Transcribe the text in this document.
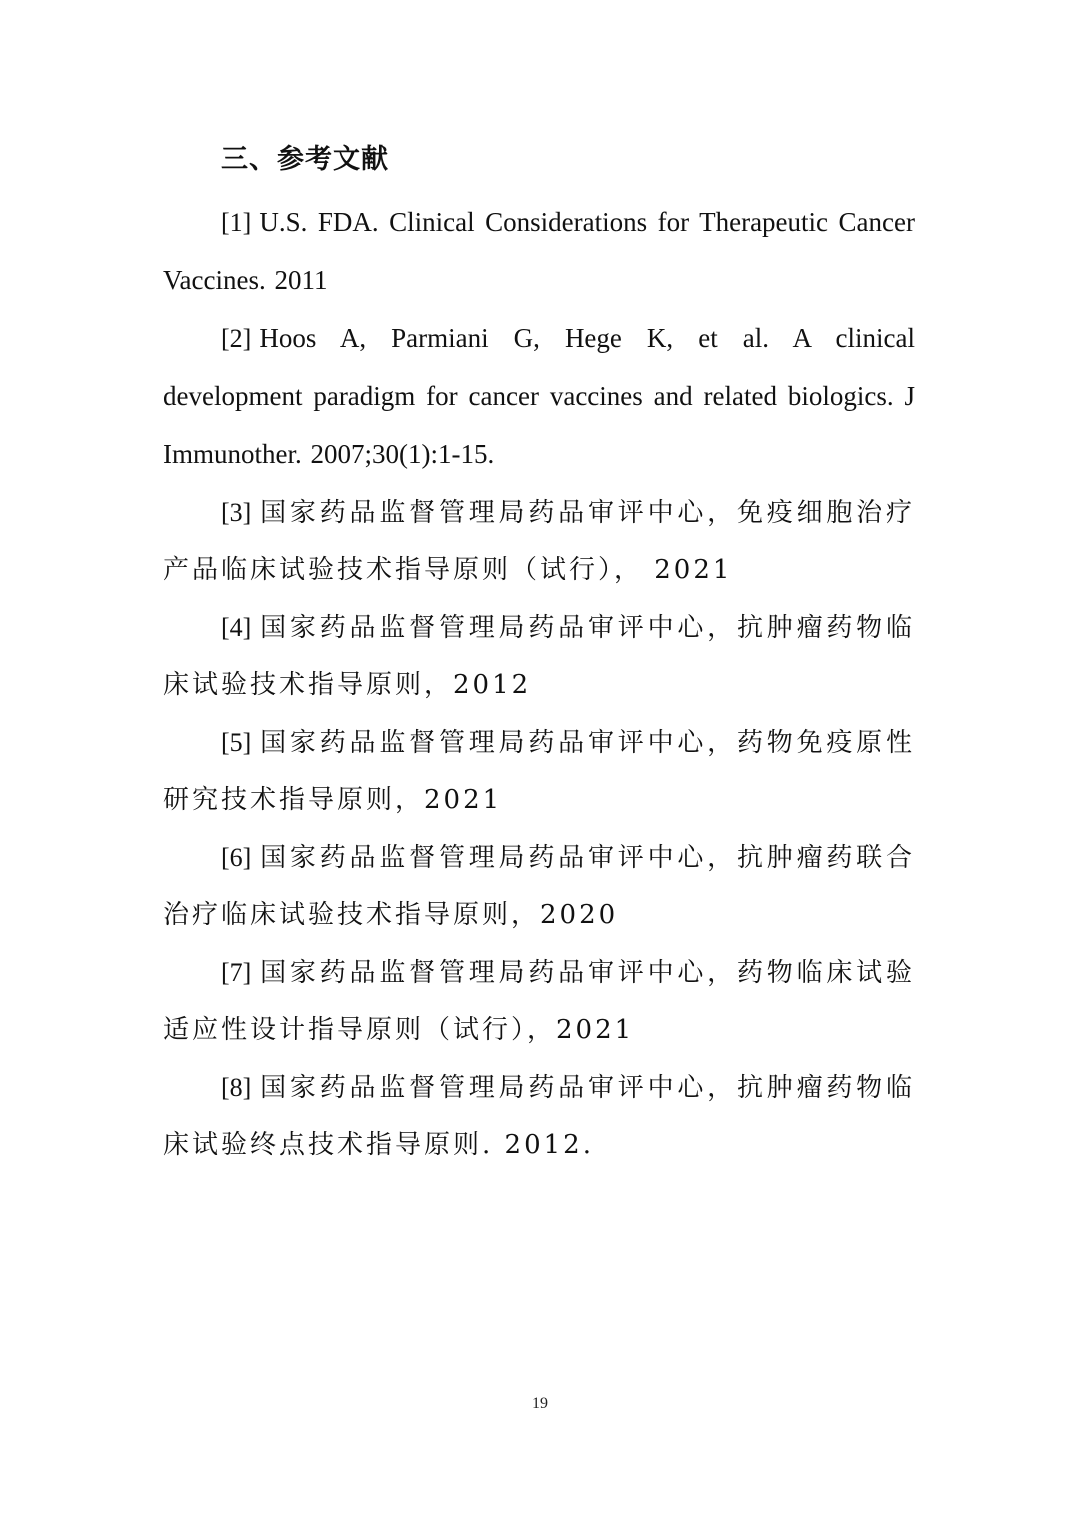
三、参考文献

[1] U.S. FDA. Clinical Considerations for Therapeutic Cancer Vaccines. 2011

[2] Hoos A, Parmiani G, Hege K, et al. A clinical development paradigm for cancer vaccines and related biologics. J Immunother. 2007;30(1):1-15.

[3] 国家药品监督管理局药品审评中心，免疫细胞治疗产品临床试验技术指导原则（试行）， 2021

[4] 国家药品监督管理局药品审评中心，抗肿瘤药物临床试验技术指导原则，2012

[5] 国家药品监督管理局药品审评中心，药物免疫原性研究技术指导原则，2021

[6] 国家药品监督管理局药品审评中心，抗肿瘤药联合治疗临床试验技术指导原则，2020

[7] 国家药品监督管理局药品审评中心，药物临床试验适应性设计指导原则（试行），2021

[8] 国家药品监督管理局药品审评中心，抗肿瘤药物临床试验终点技术指导原则. 2012.

19
